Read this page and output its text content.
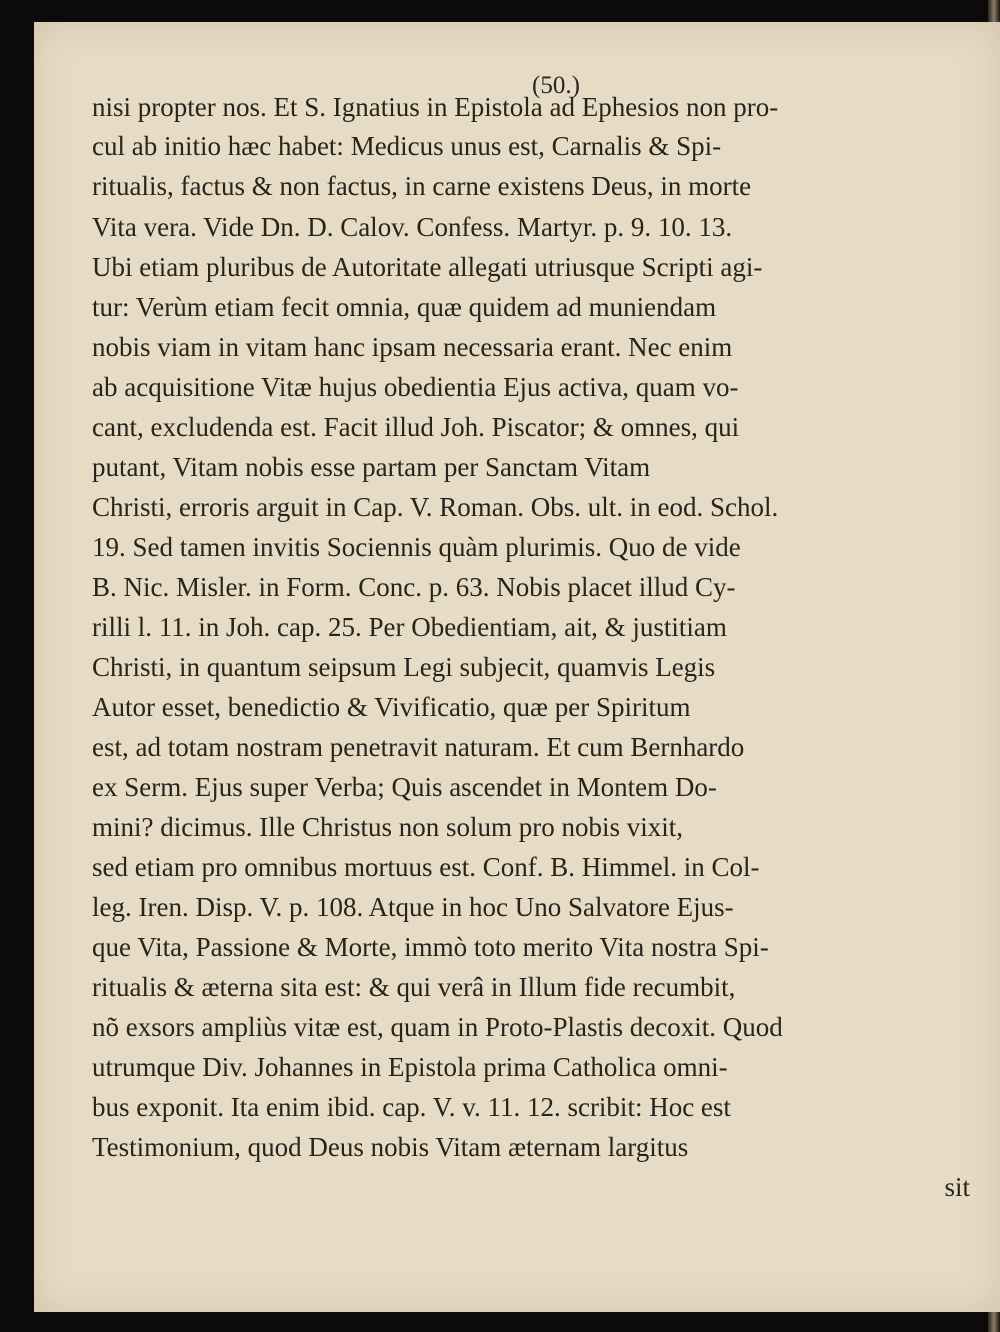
(50.)

nisi propter nos. Et S. Ignatius in Epistola ad Ephesios non pro-

cul ab initio hæc habet: Medicus unus est, Carnalis & Spi-

ritualis, factus & non factus, in carne existens Deus, in morte

Vita vera. Vide Dn. D. Calov. Confess. Martyr. p. 9. 10. 13.

Ubi etiam pluribus de Autoritate allegati utriusque Scripti agi-

tur: Verùm etiam fecit omnia, quæ quidem ad muniendam

nobis viam in vitam hanc ipsam necessaria erant. Nec enim

ab acquisitione Vitæ hujus obedientia Ejus activa, quam vo-

cant, excludenda est. Facit illud Joh. Piscator; & omnes, qui

putant, Vitam nobis esse partam per Sanctam Vitam

Christi, erroris arguit in Cap. V. Roman. Obs. ult. in eod. Schol.

19. Sed tamen invitis Sociennis quàm plurimis. Quo de vide

B. Nic. Misler. in Form. Conc. p. 63. Nobis placet illud Cy-

rilli l. 11. in Joh. cap. 25. Per Obedientiam, ait, & justitiam

Christi, in quantum seipsum Legi subjecit, quamvis Legis

Autor esset, benedictio & Vivificatio, quæ per Spiritum

est, ad totam nostram penetravit naturam. Et cum Bernhardo

ex Serm. Ejus super Verba; Quis ascendet in Montem Do-

mini? dicimus. Ille Christus non solum pro nobis vixit,

sed etiam pro omnibus mortuus est. Conf. B. Himmel. in Col-

leg. Iren. Disp. V. p. 108. Atque in hoc Uno Salvatore Ejus-

que Vita, Passione & Morte, immò toto merito Vita nostra Spi-

ritualis & æterna sita est: & qui verâ in Illum fide recumbit,

nõ exsors ampliùs vitæ est, quam in Proto-Plastis decoxit. Quod

utrumque Div. Johannes in Epistola prima Catholica omni-

bus exponit. Ita enim ibid. cap. V. v. 11. 12. scribit: Hoc est

Testimonium, quod Deus nobis Vitam æternam largitus

sit
